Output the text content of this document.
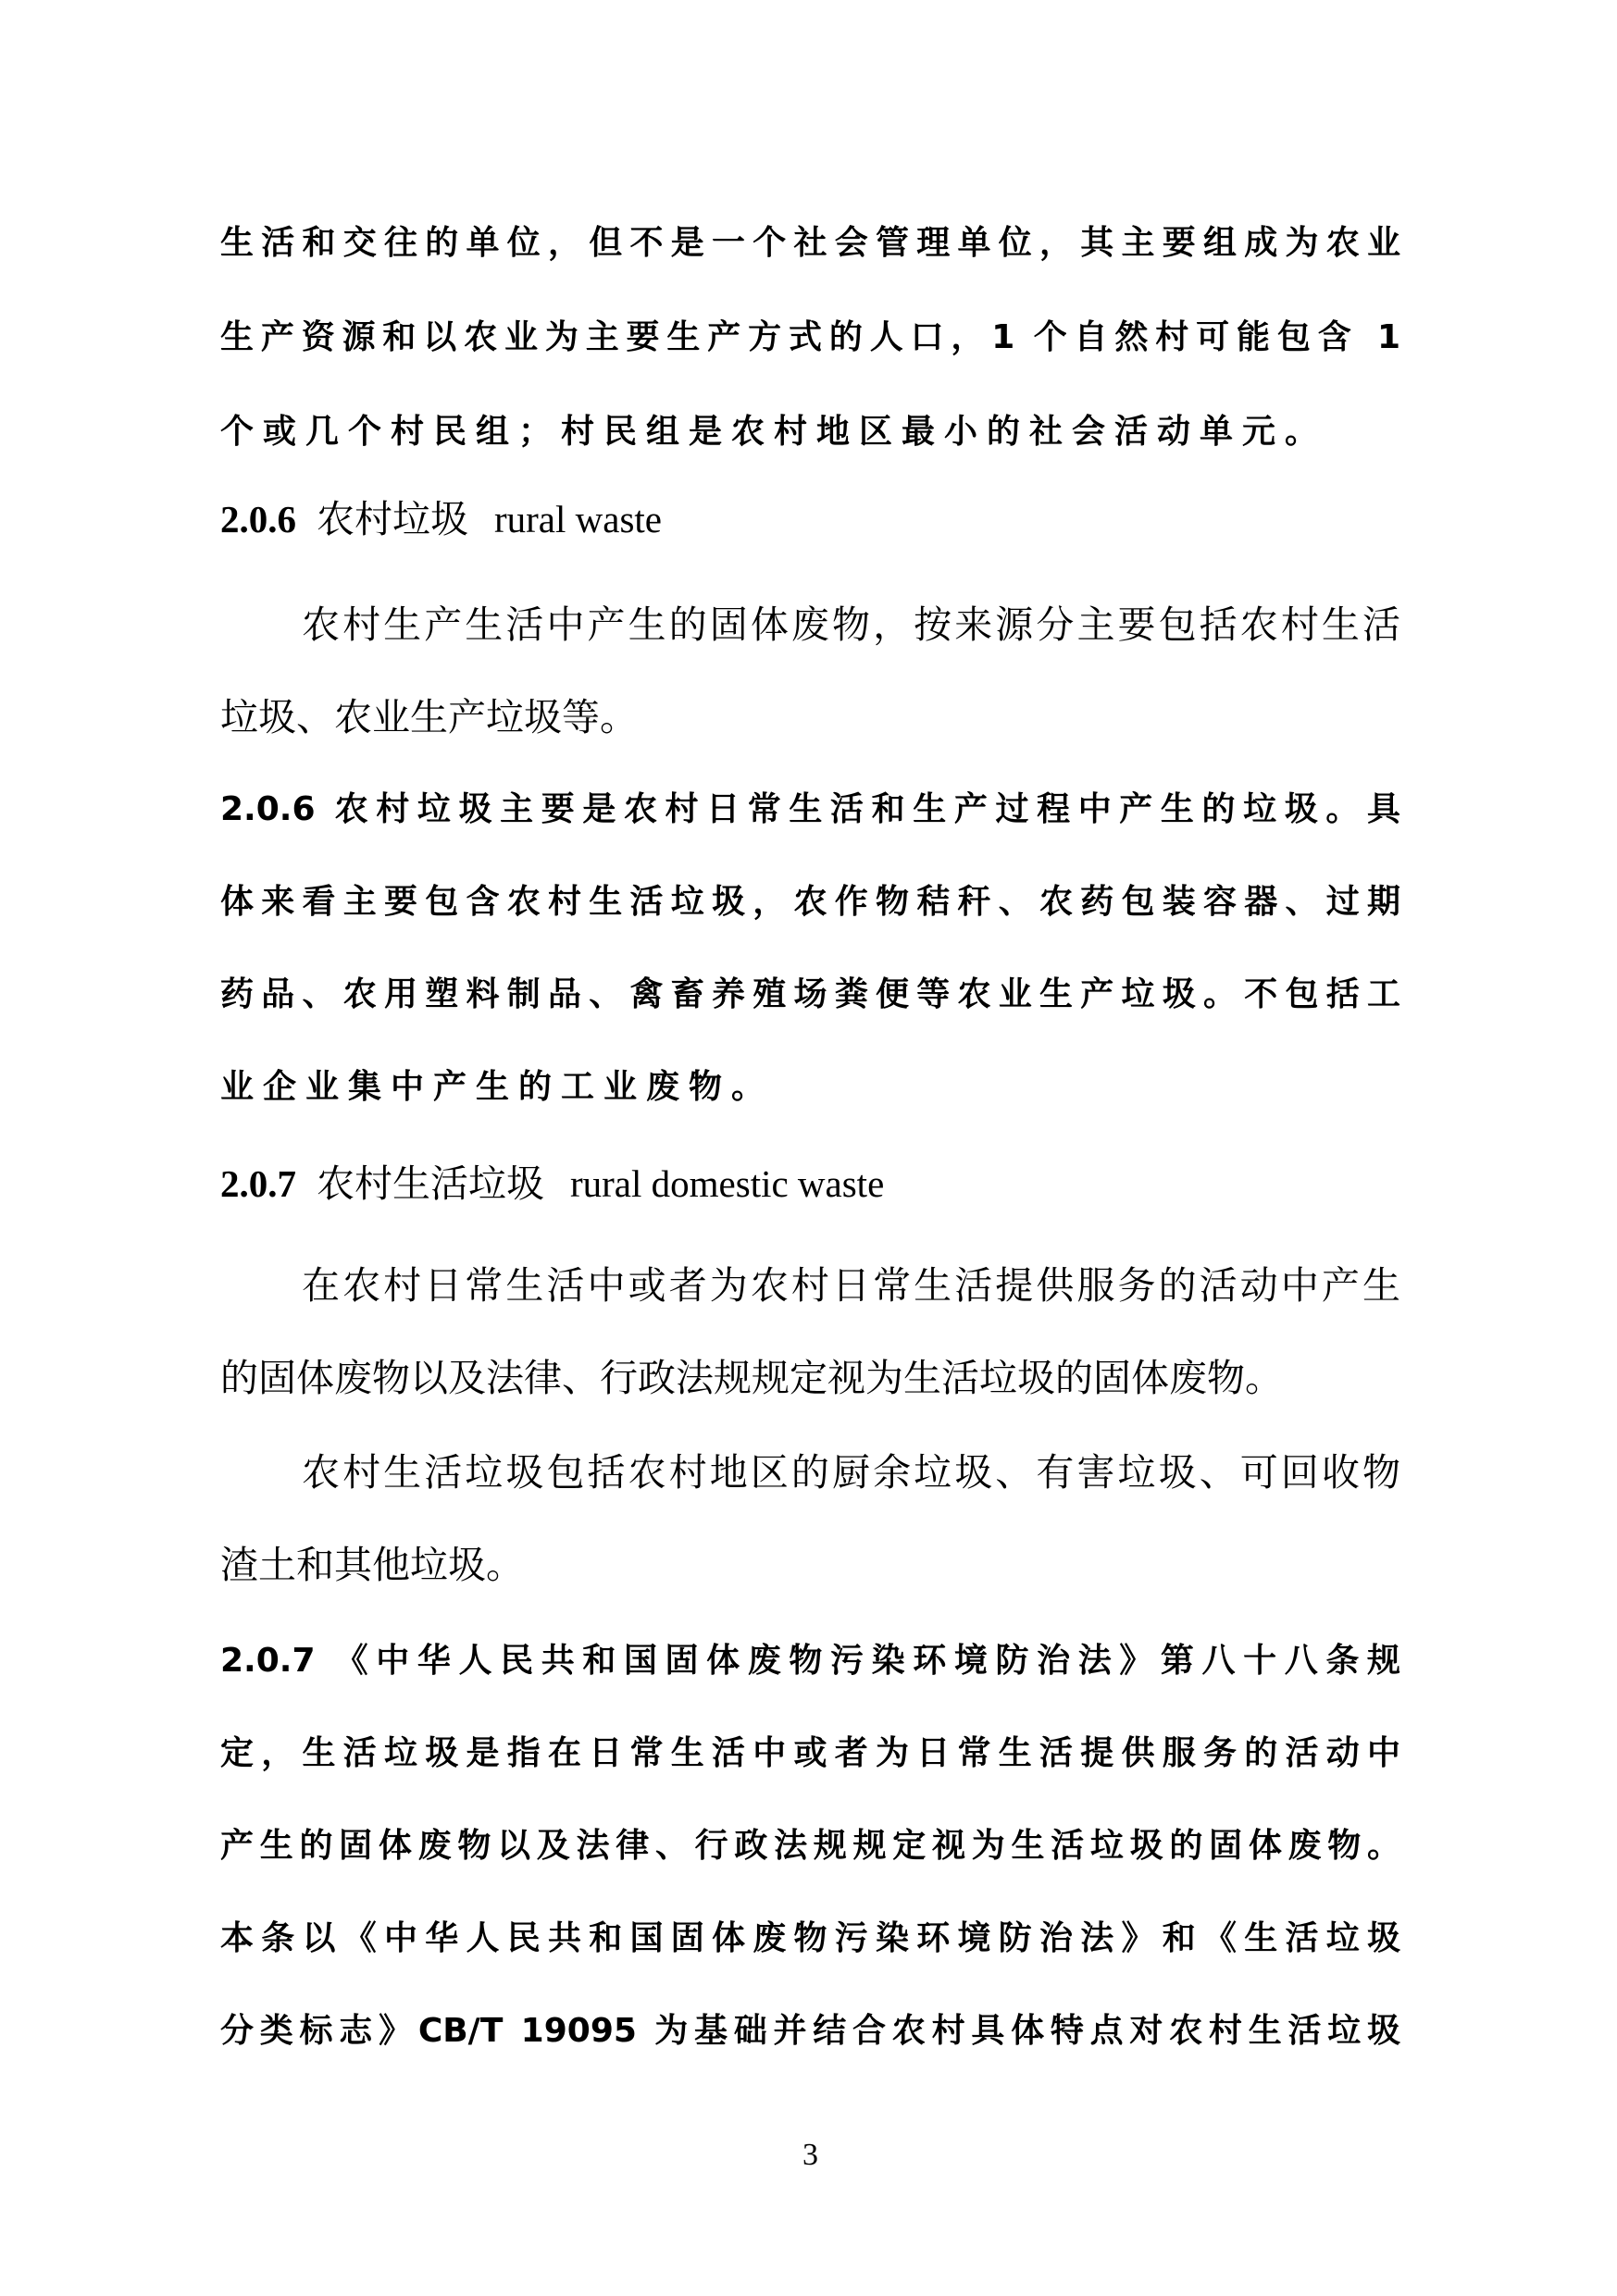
生活和交往的单位，但不是一个社会管理单位，其主要组成为农业
生产资源和以农业为主要生产方式的人口，1 个自然村可能包含 1
个或几个村民组；村民组是农村地区最小的社会活动单元。
2.0.6 农村垃圾 rural waste
农村生产生活中产生的固体废物，按来源分主要包括农村生活
垃圾、农业生产垃圾等。
2.0.6 农村垃圾主要是农村日常生活和生产过程中产生的垃圾。具
体来看主要包含农村生活垃圾，农作物秸秆、农药包装容器、过期
药品、农用塑料制品、禽畜养殖场粪便等农业生产垃圾。不包括工
业企业集中产生的工业废物。
2.0.7 农村生活垃圾 rural domestic waste
在农村日常生活中或者为农村日常生活提供服务的活动中产生
的固体废物以及法律、行政法规规定视为生活垃圾的固体废物。
农村生活垃圾包括农村地区的厨余垃圾、有害垃圾、可回收物
渣土和其他垃圾。
2.0.7 《中华人民共和国固体废物污染环境防治法》第八十八条规
定，生活垃圾是指在日常生活中或者为日常生活提供服务的活动中
产生的固体废物以及法律、行政法规规定视为生活垃圾的固体废物。
本条以《中华人民共和国固体废物污染环境防治法》和《生活垃圾
分类标志》CB/T 19095 为基础并结合农村具体特点对农村生活垃圾
3
